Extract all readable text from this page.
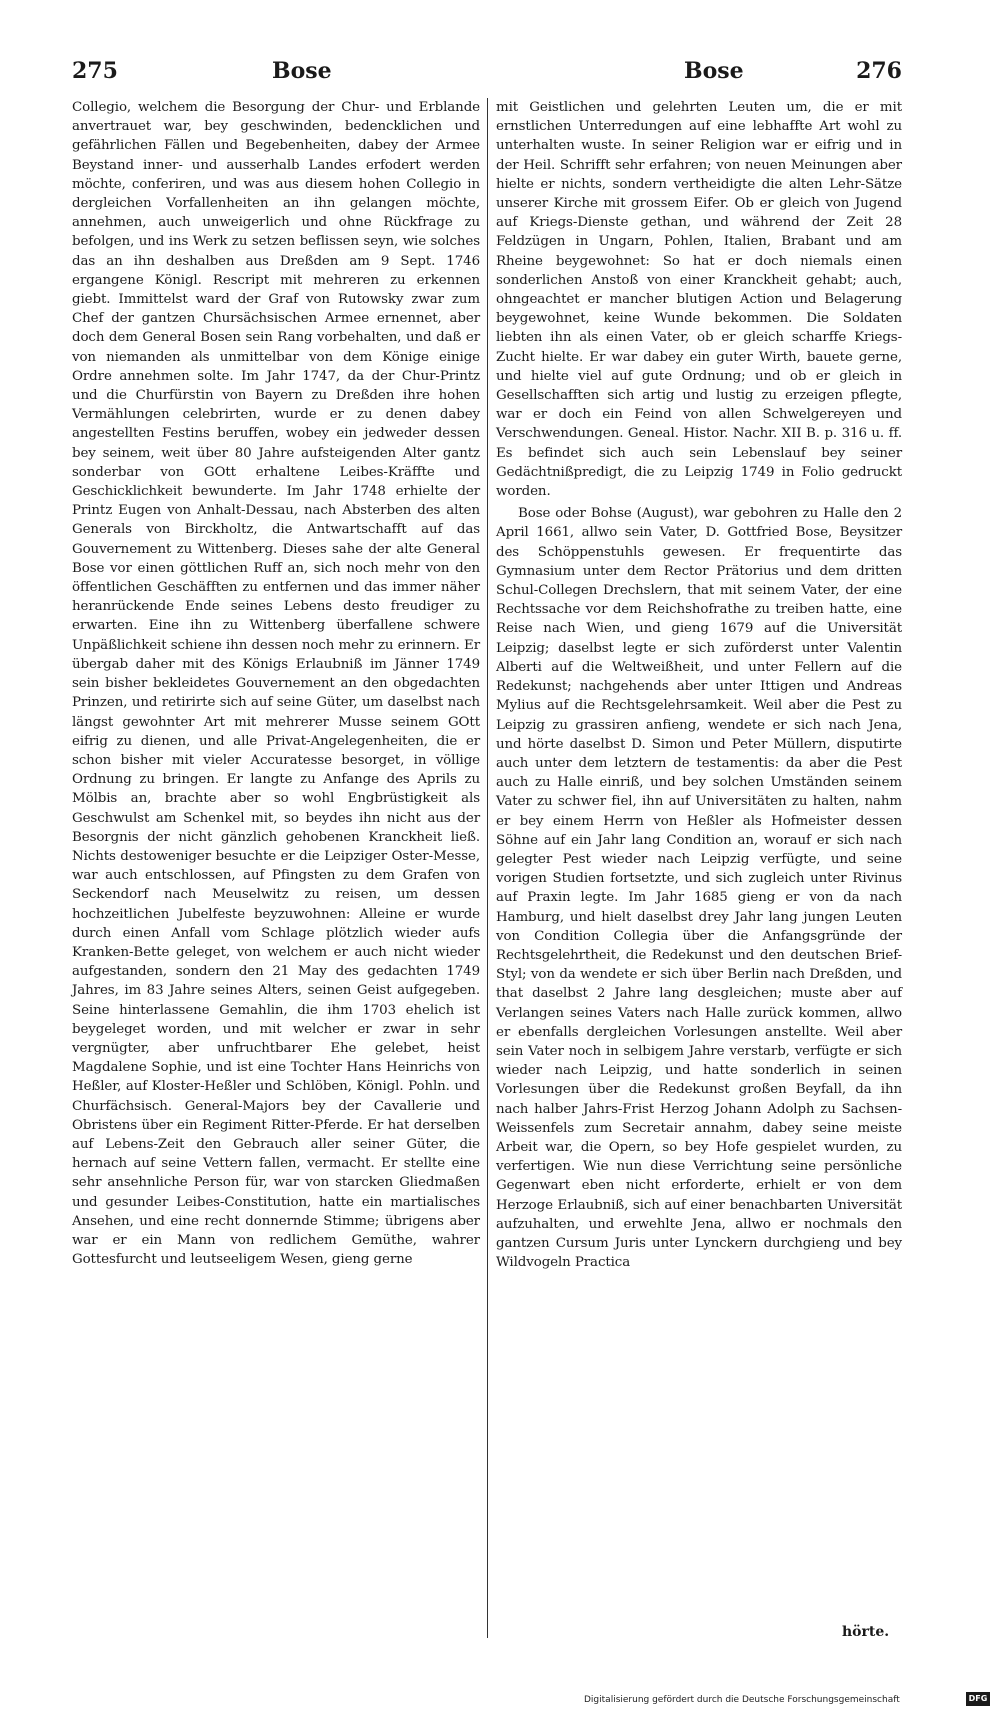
275	Bose	Bose	276

Collegio, welchem die Besorgung der Chur- und Erblande anvertrauet war, bey geschwinden, bedencklichen und gefährlichen Fällen und Begebenheiten, dabey der Armee Beystand inner- und ausserhalb Landes erfodert werden möchte, conferiren, und was aus diesem hohen Collegio in dergleichen Vorfallenheiten an ihn gelangen möchte, annehmen, auch unweigerlich und ohne Rückfrage zu befolgen, und ins Werk zu setzen beflissen seyn, wie solches das an ihn deshalben aus Dreßden am 9 Sept. 1746 ergangene Königl. Rescript mit mehreren zu erkennen giebt. Immittelst ward der Graf von Rutowsky zwar zum Chef der gantzen Chursächsischen Armee ernennet, aber doch dem General Bosen sein Rang vorbehalten, und daß er von niemanden als unmittelbar von dem Könige einige Ordre annehmen solte. Im Jahr 1747, da der Chur-Printz und die Churfürstin von Bayern zu Dreßden ihre hohen Vermählungen celebrirten, wurde er zu denen dabey angestellten Festins beruffen, wobey ein jedweder dessen bey seinem, weit über 80 Jahre aufsteigenden Alter gantz sonderbar von GOtt erhaltene Leibes-Kräffte und Geschicklichkeit bewunderte. Im Jahr 1748 erhielte der Printz Eugen von Anhalt-Dessau, nach Absterben des alten Generals von Birckholtz, die Antwartschafft auf das Gouvernement zu Wittenberg. Dieses sahe der alte General Bose vor einen göttlichen Ruff an, sich noch mehr von den öffentlichen Geschäfften zu entfernen und das immer näher heranrückende Ende seines Lebens desto freudiger zu erwarten. Eine ihn zu Wittenberg überfallene schwere Unpäßlichkeit schiene ihn dessen noch mehr zu erinnern. Er übergab daher mit des Königs Erlaubniß im Jänner 1749 sein bisher bekleidetes Gouvernement an den obgedachten Prinzen, und retirirte sich auf seine Güter, um daselbst nach längst gewohnter Art mit mehrerer Musse seinem GOtt eifrig zu dienen, und alle Privat-Angelegenheiten, die er schon bisher mit vieler Accuratesse besorget, in völlige Ordnung zu bringen. Er langte zu Anfange des Aprils zu Mölbis an, brachte aber so wohl Engbrüstigkeit als Geschwulst am Schenkel mit, so beydes ihn nicht aus der Besorgnis der nicht gänzlich gehobenen Kranckheit ließ. Nichts destoweniger besuchte er die Leipziger Oster-Messe, war auch entschlossen, auf Pfingsten zu dem Grafen von Seckendorf nach Meuselwitz zu reisen, um dessen hochzeitlichen Jubelfeste beyzuwohnen: Alleine er wurde durch einen Anfall vom Schlage plötzlich wieder aufs Kranken-Bette geleget, von welchem er auch nicht wieder aufgestanden, sondern den 21 May des gedachten 1749 Jahres, im 83 Jahre seines Alters, seinen Geist aufgegeben. Seine hinterlassene Gemahlin, die ihm 1703 ehelich ist beygeleget worden, und mit welcher er zwar in sehr vergnügter, aber unfruchtbarer Ehe gelebet, heist Magdalene Sophie, und ist eine Tochter Hans Heinrichs von Heßler, auf Kloster-Heßler und Schlöben, Königl. Pohln. und Churfächsisch. General-Majors bey der Cavallerie und Obristens über ein Regiment Ritter-Pferde. Er hat derselben auf Lebens-Zeit den Gebrauch aller seiner Güter, die hernach auf seine Vettern fallen, vermacht. Er stellte eine sehr ansehnliche Person für, war von starcken Gliedmaßen und gesunder Leibes-Constitution, hatte ein martialisches Ansehen, und eine recht donnernde Stimme; übrigens aber war er ein Mann von redlichem Gemüthe, wahrer Gottesfurcht und leutseeligem Wesen, gieng gerne

mit Geistlichen und gelehrten Leuten um, die er mit ernstlichen Unterredungen auf eine lebhaffte Art wohl zu unterhalten wuste. In seiner Religion war er eifrig und in der Heil. Schrifft sehr erfahren; von neuen Meinungen aber hielte er nichts, sondern vertheidigte die alten Lehr-Sätze unserer Kirche mit grossem Eifer. Ob er gleich von Jugend auf Kriegs-Dienste gethan, und während der Zeit 28 Feldzügen in Ungarn, Pohlen, Italien, Brabant und am Rheine beygewohnet: So hat er doch niemals einen sonderlichen Anstoß von einer Kranckheit gehabt; auch, ohngeachtet er mancher blutigen Action und Belagerung beygewohnet, keine Wunde bekommen. Die Soldaten liebten ihn als einen Vater, ob er gleich scharffe Kriegs-Zucht hielte. Er war dabey ein guter Wirth, bauete gerne, und hielte viel auf gute Ordnung; und ob er gleich in Gesellschafften sich artig und lustig zu erzeigen pflegte, war er doch ein Feind von allen Schwelgereyen und Verschwendungen. Geneal. Histor. Nachr. XII B. p. 316 u. ff. Es befindet sich auch sein Lebenslauf bey seiner Gedächtnißpredigt, die zu Leipzig 1749 in Folio gedruckt worden.

Bose oder Bohse (August), war gebohren zu Halle den 2 April 1661, allwo sein Vater, D. Gottfried Bose, Beysitzer des Schöppenstuhls gewesen. Er frequentirte das Gymnasium unter dem Rector Prätorius und dem dritten Schul-Collegen Drechslern, that mit seinem Vater, der eine Rechtssache vor dem Reichshofrathe zu treiben hatte, eine Reise nach Wien, und gieng 1679 auf die Universität Leipzig; daselbst legte er sich zuförderst unter Valentin Alberti auf die Weltweißheit, und unter Fellern auf die Redekunst; nachgehends aber unter Ittigen und Andreas Mylius auf die Rechtsgelehrsamkeit. Weil aber die Pest zu Leipzig zu grassiren anfieng, wendete er sich nach Jena, und hörte daselbst D. Simon und Peter Müllern, disputirte auch unter dem letztern de testamentis: da aber die Pest auch zu Halle einriß, und bey solchen Umständen seinem Vater zu schwer fiel, ihn auf Universitäten zu halten, nahm er bey einem Herrn von Heßler als Hofmeister dessen Söhne auf ein Jahr lang Condition an, worauf er sich nach gelegter Pest wieder nach Leipzig verfügte, und seine vorigen Studien fortsetzte, und sich zugleich unter Rivinus auf Praxin legte. Im Jahr 1685 gieng er von da nach Hamburg, und hielt daselbst drey Jahr lang jungen Leuten von Condition Collegia über die Anfangsgründe der Rechtsgelehrtheit, die Redekunst und den deutschen Brief-Styl; von da wendete er sich über Berlin nach Dreßden, und that daselbst 2 Jahre lang desgleichen; muste aber auf Verlangen seines Vaters nach Halle zurück kommen, allwo er ebenfalls dergleichen Vorlesungen anstellte. Weil aber sein Vater noch in selbigem Jahre verstarb, verfügte er sich wieder nach Leipzig, und hatte sonderlich in seinen Vorlesungen über die Redekunst großen Beyfall, da ihn nach halber Jahrs-Frist Herzog Johann Adolph zu Sachsen-Weissenfels zum Secretair annahm, dabey seine meiste Arbeit war, die Opern, so bey Hofe gespielet wurden, zu verfertigen. Wie nun diese Verrichtung seine persönliche Gegenwart eben nicht erforderte, erhielt er von dem Herzoge Erlaubniß, sich auf einer benachbarten Universität aufzuhalten, und erwehlte Jena, allwo er nochmals den gantzen Cursum Juris unter Lynckern durchgieng und bey Wildvogeln Practica

hörte.
Digitalisierung gefördert durch die Deutsche Forschungsgemeinschaft	DFG
